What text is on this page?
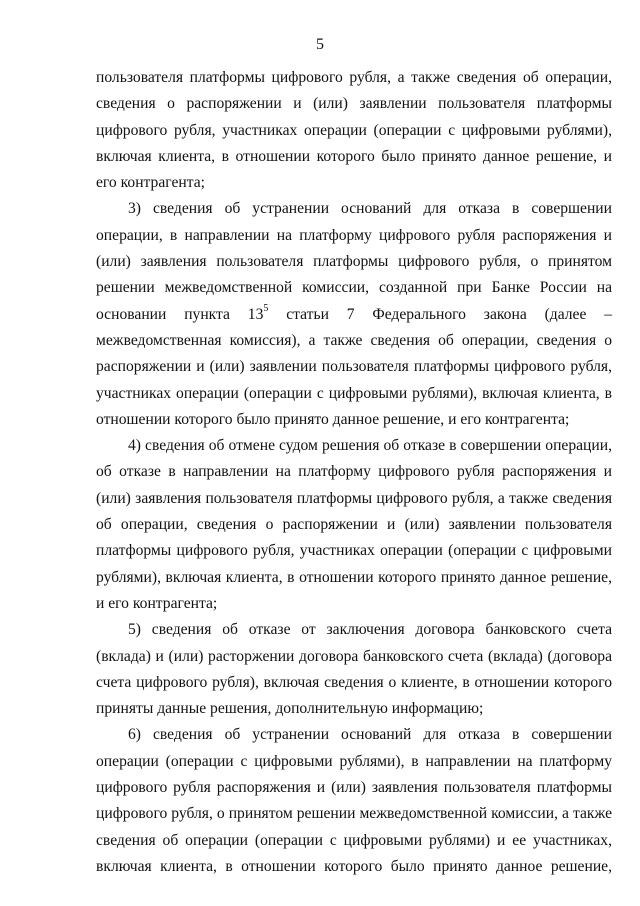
5

пользователя платформы цифрового рубля, а также сведения об операции, сведения о распоряжении и (или) заявлении пользователя платформы цифрового рубля, участниках операции (операции с цифровыми рублями), включая клиента, в отношении которого было принято данное решение, и его контрагента;

3) сведения об устранении оснований для отказа в совершении операции, в направлении на платформу цифрового рубля распоряжения и (или) заявления пользователя платформы цифрового рубля, о принятом решении межведомственной комиссии, созданной при Банке России на основании пункта $13^5$ статьи 7 Федерального закона (далее – межведомственная комиссия), а также сведения об операции, сведения о распоряжении и (или) заявлении пользователя платформы цифрового рубля, участниках операции (операции с цифровыми рублями), включая клиента, в отношении которого было принято данное решение, и его контрагента;

4) сведения об отмене судом решения об отказе в совершении операции, об отказе в направлении на платформу цифрового рубля распоряжения и (или) заявления пользователя платформы цифрового рубля, а также сведения об операции, сведения о распоряжении и (или) заявлении пользователя платформы цифрового рубля, участниках операции (операции с цифровыми рублями), включая клиента, в отношении которого принято данное решение, и его контрагента;

5) сведения об отказе от заключения договора банковского счета (вклада) и (или) расторжении договора банковского счета (вклада) (договора счета цифрового рубля), включая сведения о клиенте, в отношении которого приняты данные решения, дополнительную информацию;

6) сведения об устранении оснований для отказа в совершении операции (операции с цифровыми рублями), в направлении на платформу цифрового рубля распоряжения и (или) заявления пользователя платформы цифрового рубля, о принятом решении межведомственной комиссии, а также сведения об операции (операции с цифровыми рублями) и ее участниках, включая клиента, в отношении которого было принято данное решение,
